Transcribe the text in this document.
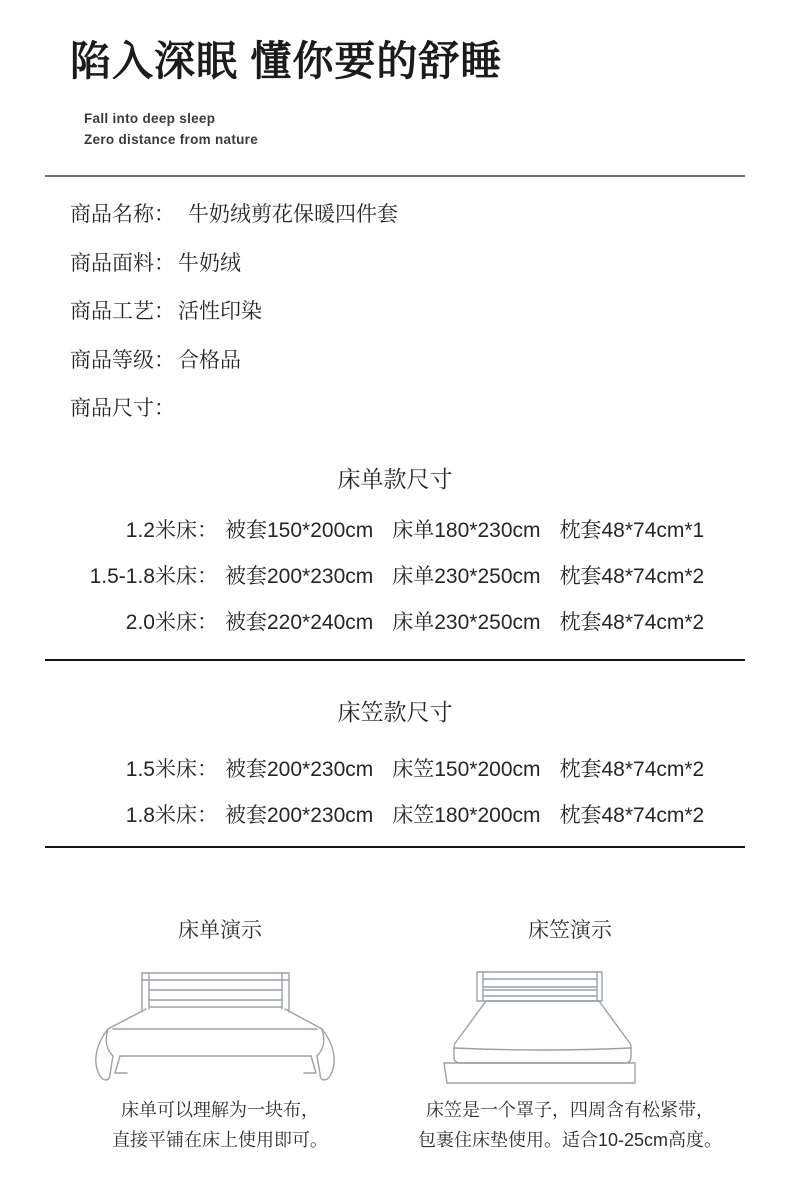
陷入深眠 懂你要的舒睡
Fall into deep sleep
Zero distance from nature
商品名称： 牛奶绒剪花保暖四件套
商品面料： 牛奶绒
商品工艺： 活性印染
商品等级： 合格品
商品尺寸：
床单款尺寸
1.2米床： 被套150*200cm 床单180*230cm 枕套48*74cm*1
1.5-1.8米床： 被套200*230cm 床单230*250cm 枕套48*74cm*2
2.0米床： 被套220*240cm 床单230*250cm 枕套48*74cm*2
床笠款尺寸
1.5米床： 被套200*230cm 床笠150*200cm 枕套48*74cm*2
1.8米床： 被套200*230cm 床笠180*200cm 枕套48*74cm*2
床单演示
床单可以理解为一块布，
直接平铺在床上使用即可。
床笠演示
床笠是一个罩子，四周含有松紧带，
包裹住床垫使用。适合10-25cm高度。
